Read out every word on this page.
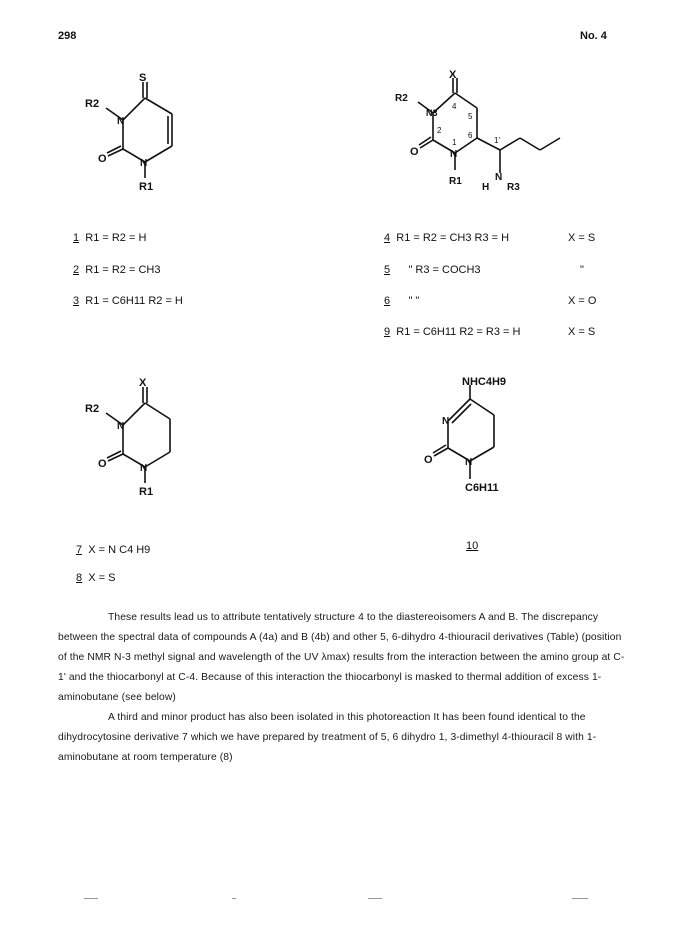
298	No. 4
S
R2
N
N
O
R1
X
R2
N3
4
5
6
2
1	1'
N
O
R1	N
H R3
1 R1 = R2 = H
2 R1 = R2 = CH3
3 R1 = C6H11 R2 = H
4 R1 = R2 = CH3 R3 = H	X = S
5 " R3 = COCH3	"
6 " "	X = O
9 R1 = C6H11 R2 = R3 = H	X = S
X
R2
N
N
O
R1
NHC4H9
N
N
O
C6H11
7 X = N C4 H9
8 X = S
10

These results lead us to attribute tentatively structure 4 to the diastereoisomers A and B. The discrepancy between the spectral data of compounds A (4a) and B (4b) and other 5, 6-dihydro 4-thiouracil derivatives (Table) (position of the NMR N-3 methyl signal and wavelength of the UV λmax) results from the interaction between the amino group at C-1' and the thiocarbonyl at C-4. Because of this interaction the thiocarbonyl is masked to thermal addition of excess 1-aminobutane (see below)

A third and minor product has also been isolated in this photoreaction It has been found identical to the dihydrocytosine derivative 7 which we have prepared by treatment of 5, 6 dihydro 1, 3-dimethyl 4-thiouracil 8 with 1-aminobutane at room temperature (8)
